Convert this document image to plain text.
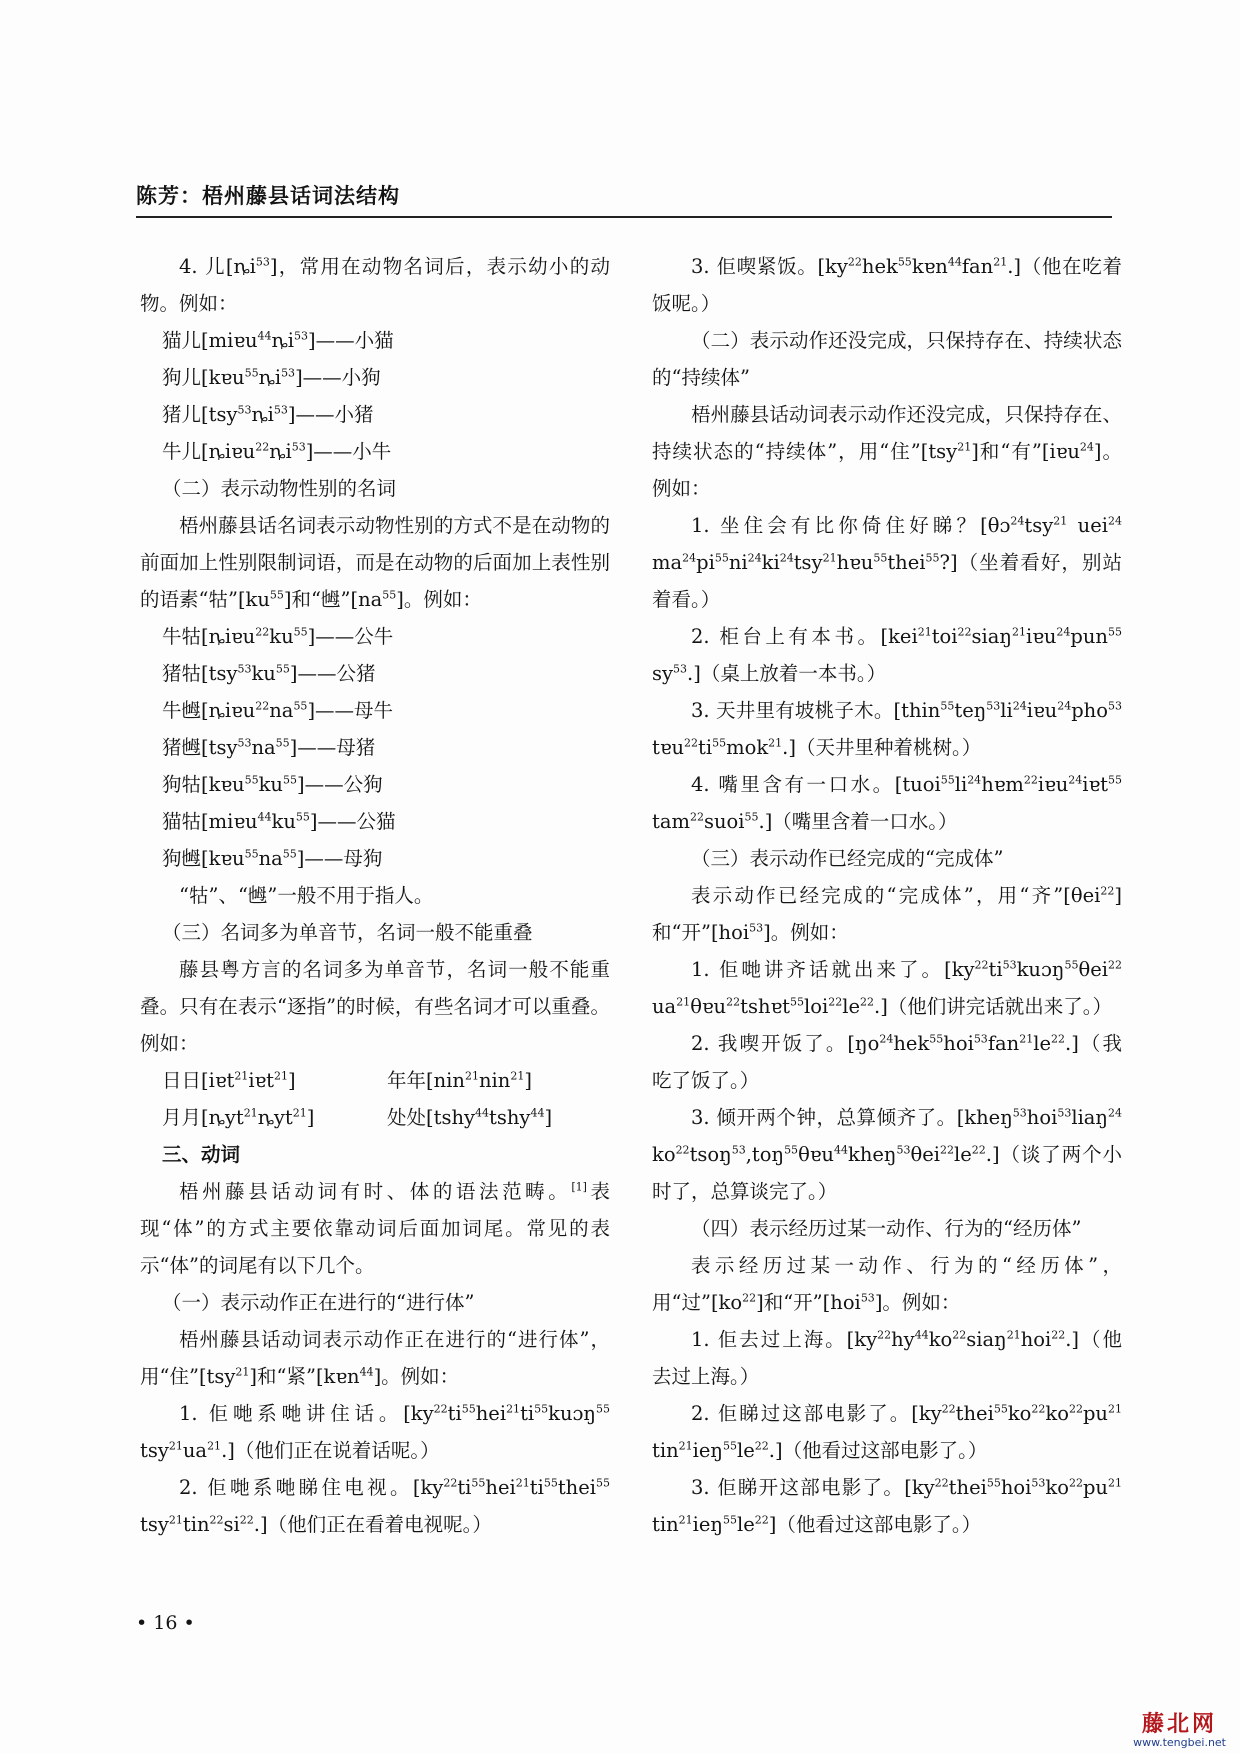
陈芳：梧州藤县话词法结构

4. 儿$[ȵi^{53}]$，常用在动物名词后，表示幼小的动物。例如：

猫儿$[miɐu^{44}ȵi^{53}]——$小猫

狗儿$[kɐu^{55}ȵi^{53}]——$小狗

猪儿$[tsy^{53}ȵi^{53}]——$小猪

牛儿$[ȵiɐu^{22}ȵi^{53}]——$小牛

（二）表示动物性别的名词

梧州藤县话名词表示动物性别的方式不是在动物的前面加上性别限制词语，而是在动物的后面加上表性别的语素“牯$”[ku^{55}]$和“乸$”[na^{55}]$。例如：

牛牯$[ȵiɐu^{22}ku^{55}]——$公牛

猪牯$[tsy^{53}ku^{55}]——$公猪

牛乸$[ȵiɐu^{22}na^{55}]——$母牛

猪乸$[tsy^{53}na^{55}]——$母猪

狗牯$[kɐu^{55}ku^{55}]——$公狗

猫牯$[miɐu^{44}ku^{55}]——$公猫

狗乸$[kɐu^{55}na^{55}]——$母狗

“牯”、“乸”一般不用于指人。

（三）名词多为单音节，名词一般不能重叠

藤县粤方言的名词多为单音节，名词一般不能重叠。只有在表示“逐指”的时候，有些名词才可以重叠。例如：

日日[iɐt$^{21}$iɐt$^{21}$]	年年[nin$^{21}$nin$^{21}$]
月月[ȵyt$^{21}$ȵyt$^{21}$]	处处[tshy$^{44}$tshy$^{44}$]

三、动词

梧州藤县话动词有时、体的语法范畴。[1]表现“体”的方式主要依靠动词后面加词尾。常见的表示“体”的词尾有以下几个。

（一）表示动作正在进行的“进行体”

梧州藤县话动词表示动作正在进行的“进行体”，用“住”[tsy$^{21}$]和“紧”[kɐn$^{44}$]。例如：

1. 佢哋系哋讲住话。[$ky^{22}ti^{55}hei^{21}ti^{55}kuɔŋ^{55}$ $tsy^{21}ua^{21}$.]（他们正在说着话呢。）

2. 佢哋系哋睇住电视。[$ky^{22}ti^{55}hei^{21}ti^{55}thei^{55}$ $tsy^{21}tin^{22}si^{22}$.]（他们正在看着电视呢。）

3. 佢喫紧饭。$[ky^{22}hek^{55}kɐn^{44}fan^{21}.]$（他在吃着饭呢。）

（二）表示动作还没完成，只保持存在、持续状态的“持续体”

梧州藤县话动词表示动作还没完成，只保持存在、持续状态的“持续体”，用“住”[tsy$^{21}$]和“有”[iɐu$^{24}$]。例如：

1. 坐住会有比你倚住好睇？[θɔ$^{24}$tsy$^{21}$ uei$^{24}$ $ma^{24}pi^{55}ni^{24}ki^{24}tsy^{21}hɐu^{55}thei^{55}$?]（坐着看好，别站着看。）

2. 柜台上有本书。[kei$^{21}$toi$^{22}$siaŋ$^{21}$iɐu$^{24}$pun$^{55}$ $sy^{53}$.]（桌上放着一本书。）

3. 天井里有坡桃子木。[$thin^{55}teŋ^{53}li^{24}iɐu^{24}pho^{53}$ $tɐu^{22}ti^{55}mok^{21}$.]（天井里种着桃树。）

4. 嘴里含有一口水。[$tuoi^{55}li^{24}hɐm^{22}iɐu^{24}iɐt^{55}$ tam$^{22}$suoi$^{55}$.]（嘴里含着一口水。）

（三）表示动作已经完成的“完成体”

表示动作已经完成的“完成体”，用“齐”[θei$^{22}$]和“开”[hoi$^{53}$]。例如：

1. 佢哋讲齐话就出来了。[$ky^{22}ti^{53}kuɔŋ^{55}\theta ei^{22}$ $ua^{21}\theta ɐu^{22}tshɐt^{55}loi^{22}le^{22}$.]（他们讲完话就出来了。）

2. 我喫开饭了。$[ŋo^{24}hek^{55}hoi^{53}fan^{21}le^{22}.]$（我吃了饭了。）

3. 倾开两个钟，总算倾齐了。[kheŋ$^{53}$hoi$^{53}$liaŋ$^{24}$ $ko^{22}tsoŋ^{53},toŋ^{55}\theta ɐu^{44}kheŋ^{53}\theta ei^{22}le^{22}$.]（谈了两个小时了，总算谈完了。）

（四）表示经历过某一动作、行为的“经历体”

表示经历过某一动作、行为的“经历体”，用“过$”[ko^{22}]$和“开”[hoi$^{53}$]。例如：

1. 佢去过上海。$[ky^{22}hy^{44}ko^{22}siaŋ^{21}hoi^{22}.]$（他去过上海。）

2. 佢睇过这部电影了。[$ky^{22}thei^{55}ko^{22}ko^{22}pu^{21}$ $tin^{21}ieŋ^{55}le^{22}$.]（他看过这部电影了。）

3. 佢睇开这部电影了。[$ky^{22}thei^{55}hoi^{53}ko^{22}pu^{21}$ $tin^{21}ieŋ^{55}le^{22}$]（他看过这部电影了。）

• 16 •
藤北网
www.tengbei.net
